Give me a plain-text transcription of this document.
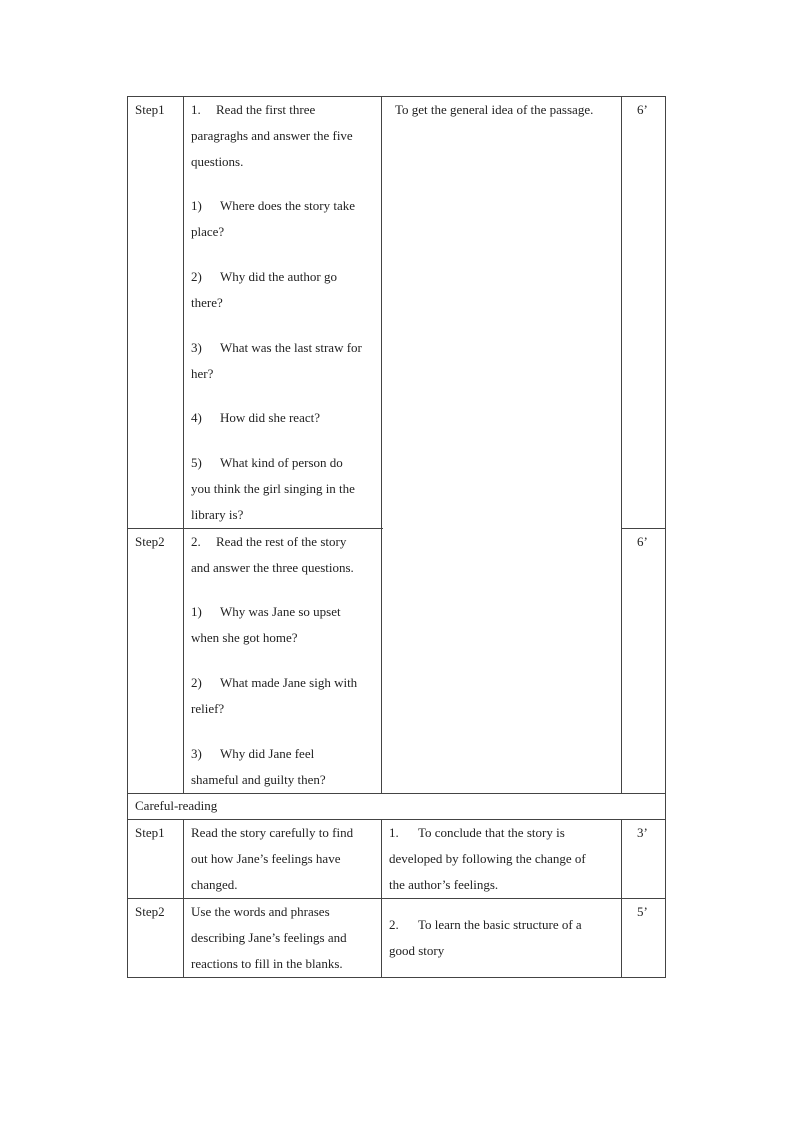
Step1 1. Read the first three
paragraghs and answer the five
questions.
1) Where does the story take
place?
2) Why did the author go
there?
3) What was the last straw for
her?
4) How did she react?
5) What kind of person do
you think the girl singing in the
library is?
To get the general idea of the passage.	6’
Step2 2. Read the rest of the story
and answer the three questions.
1) Why was Jane so upset
when she got home?
2) What made Jane sigh with
relief?
3) Why did Jane feel
shameful and guilty then?
6’
Careful-reading
Step1 Read the story carefully to find
out how Jane’s feelings have
changed.
1. To conclude that the story is
developed by following the change of
the author’s feelings.
3’
Step2 Use the words and phrases
describing Jane’s feelings and
reactions to fill in the blanks.
2. To learn the basic structure of a
good story
5’
